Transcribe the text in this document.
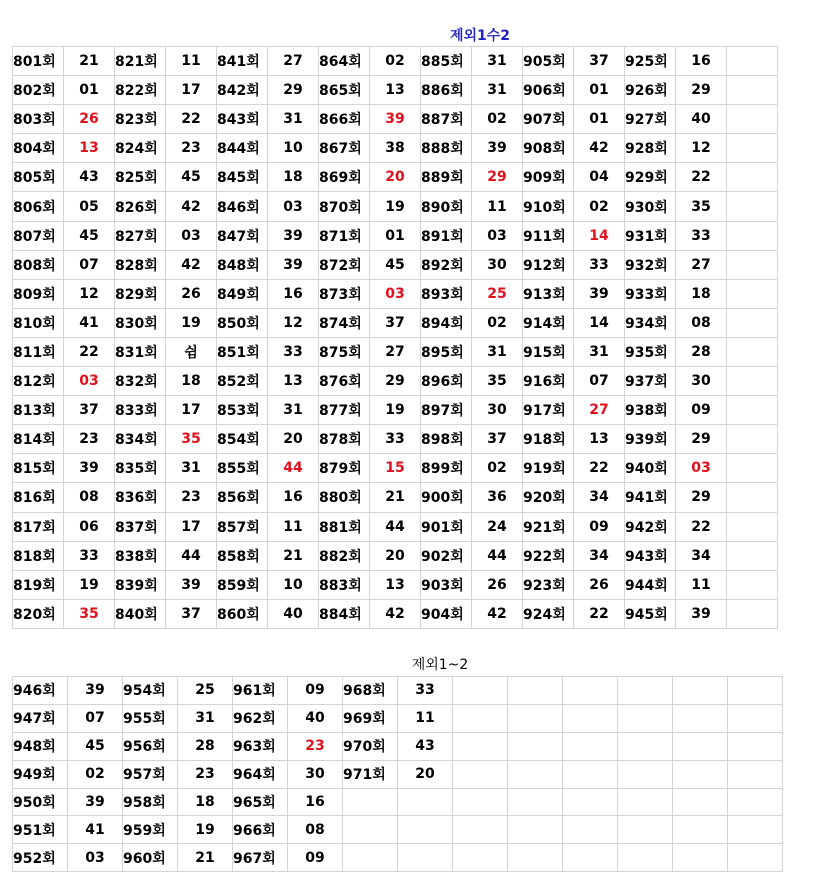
제외1수2
801회	21	821회	11	841회	27	864회	02	885회	31	905회	37	925회	16	
802회	01	822회	17	842회	29	865회	13	886회	31	906회	01	926회	29	
803회	26	823회	22	843회	31	866회	39	887회	02	907회	01	927회	40	
804회	13	824회	23	844회	10	867회	38	888회	39	908회	42	928회	12	
805회	43	825회	45	845회	18	869회	20	889회	29	909회	04	929회	22	
806회	05	826회	42	846회	03	870회	19	890회	11	910회	02	930회	35	
807회	45	827회	03	847회	39	871회	01	891회	03	911회	14	931회	33	
808회	07	828회	42	848회	39	872회	45	892회	30	912회	33	932회	27	
809회	12	829회	26	849회	16	873회	03	893회	25	913회	39	933회	18	
810회	41	830회	19	850회	12	874회	37	894회	02	914회	14	934회	08	
811회	22	831회	쉼	851회	33	875회	27	895회	31	915회	31	935회	28	
812회	03	832회	18	852회	13	876회	29	896회	35	916회	07	937회	30	
813회	37	833회	17	853회	31	877회	19	897회	30	917회	27	938회	09	
814회	23	834회	35	854회	20	878회	33	898회	37	918회	13	939회	29	
815회	39	835회	31	855회	44	879회	15	899회	02	919회	22	940회	03	
816회	08	836회	23	856회	16	880회	21	900회	36	920회	34	941회	29	
817회	06	837회	17	857회	11	881회	44	901회	24	921회	09	942회	22	
818회	33	838회	44	858회	21	882회	20	902회	44	922회	34	943회	34	
819회	19	839회	39	859회	10	883회	13	903회	26	923회	26	944회	11	
820회	35	840회	37	860회	40	884회	42	904회	42	924회	22	945회	39	
제외1~2
946회	39	954회	25	961회	09	968회	33						
947회	07	955회	31	962회	40	969회	11						
948회	45	956회	28	963회	23	970회	43						
949회	02	957회	23	964회	30	971회	20						
950회	39	958회	18	965회	16								
951회	41	959회	19	966회	08								
952회	03	960회	21	967회	09								
